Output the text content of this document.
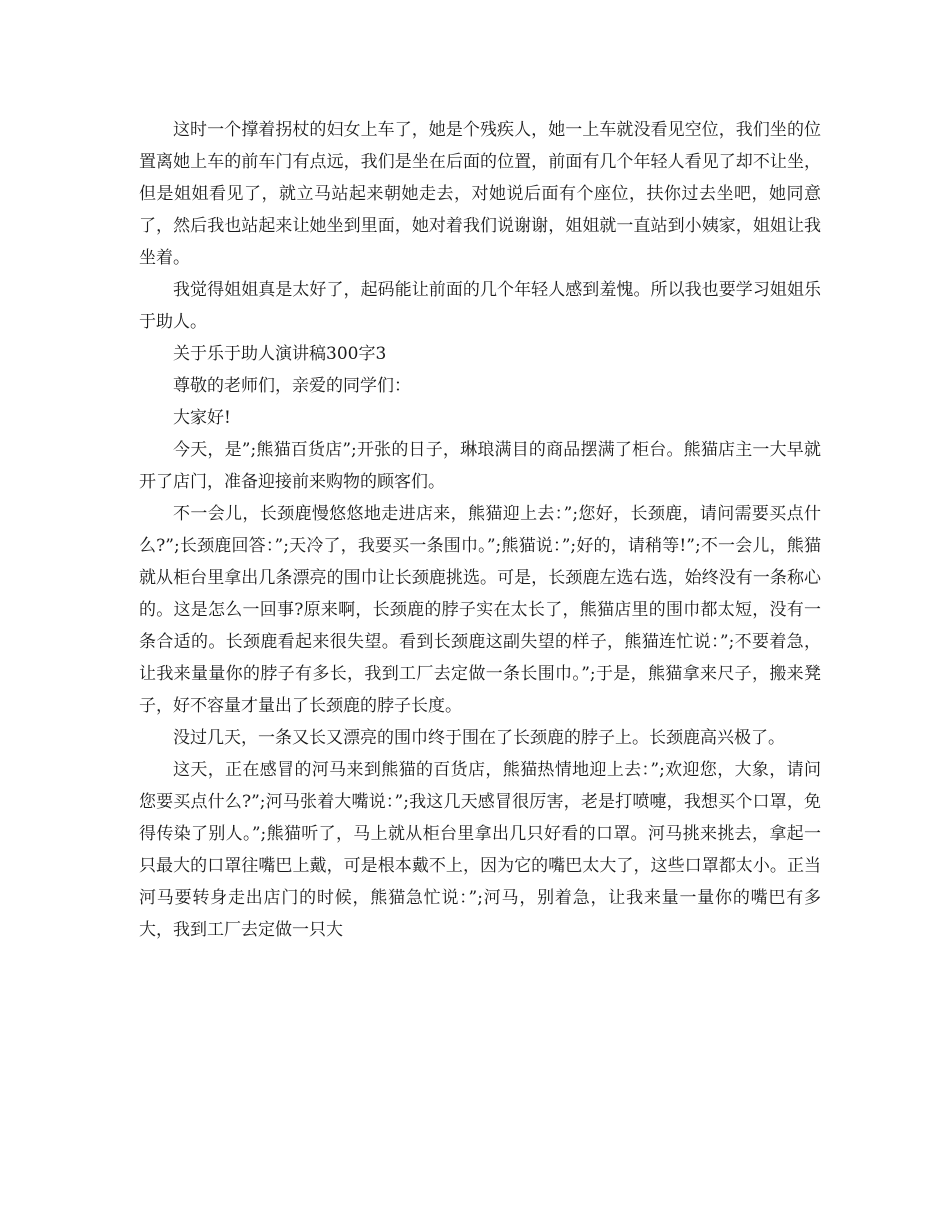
这时一个撑着拐杖的妇女上车了，她是个残疾人，她一上车就没看见空位，我们坐的位置离她上车的前车门有点远，我们是坐在后面的位置，前面有几个年轻人看见了却不让坐，但是姐姐看见了，就立马站起来朝她走去，对她说后面有个座位，扶你过去坐吧，她同意了，然后我也站起来让她坐到里面，她对着我们说谢谢，姐姐就一直站到小姨家，姐姐让我坐着。

我觉得姐姐真是太好了，起码能让前面的几个年轻人感到羞愧。所以我也要学习姐姐乐于助人。

关于乐于助人演讲稿300字3

尊敬的老师们，亲爱的同学们：

大家好!

今天，是”;熊猫百货店”;开张的日子，琳琅满目的商品摆满了柜台。熊猫店主一大早就开了店门，准备迎接前来购物的顾客们。

不一会儿，长颈鹿慢悠悠地走进店来，熊猫迎上去：”;您好，长颈鹿，请问需要买点什么?”;长颈鹿回答：”;天冷了，我要买一条围巾。”;熊猫说：”;好的，请稍等!”;不一会儿，熊猫就从柜台里拿出几条漂亮的围巾让长颈鹿挑选。可是，长颈鹿左选右选，始终没有一条称心的。这是怎么一回事?原来啊，长颈鹿的脖子实在太长了，熊猫店里的围巾都太短，没有一条合适的。长颈鹿看起来很失望。看到长颈鹿这副失望的样子，熊猫连忙说：”;不要着急，让我来量量你的脖子有多长，我到工厂去定做一条长围巾。”;于是，熊猫拿来尺子，搬来凳子，好不容量才量出了长颈鹿的脖子长度。

没过几天，一条又长又漂亮的围巾终于围在了长颈鹿的脖子上。长颈鹿高兴极了。

这天，正在感冒的河马来到熊猫的百货店，熊猫热情地迎上去：”;欢迎您，大象，请问您要买点什么?”;河马张着大嘴说：”;我这几天感冒很厉害，老是打喷嚏，我想买个口罩，免得传染了别人。”;熊猫听了，马上就从柜台里拿出几只好看的口罩。河马挑来挑去，拿起一只最大的口罩往嘴巴上戴，可是根本戴不上，因为它的嘴巴太大了，这些口罩都太小。正当河马要转身走出店门的时候，熊猫急忙说：”;河马，别着急，让我来量一量你的嘴巴有多大，我到工厂去定做一只大
